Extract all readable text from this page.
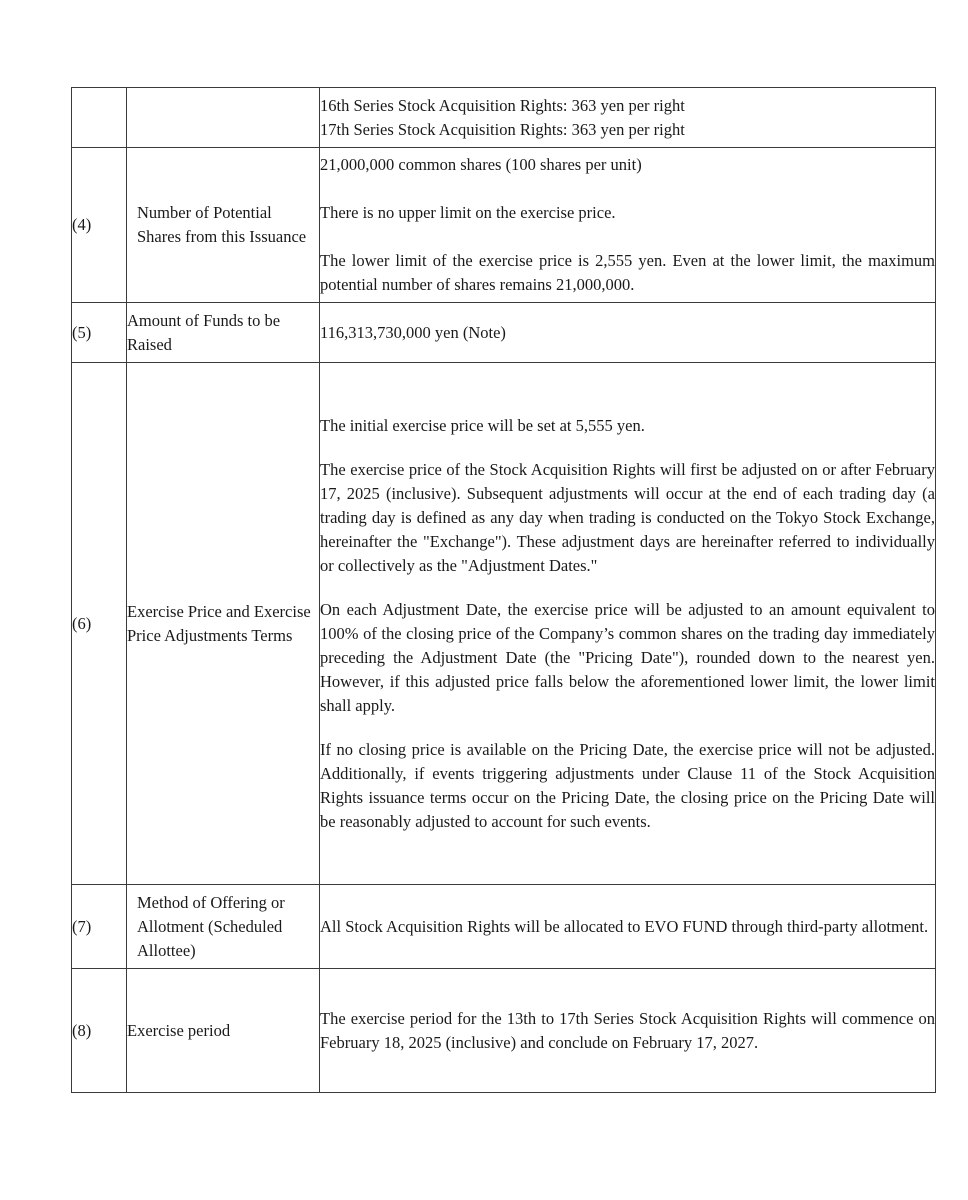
		16th Series Stock Acquisition Rights: 363 yen per right

17th Series Stock Acquisition Rights: 363 yen per right

(4)	Number of Potential Shares from this Issuance	21,000,000 common shares (100 shares per unit)

There is no upper limit on the exercise price.

The lower limit of the exercise price is 2,555 yen. Even at the lower limit, the maximum potential number of shares remains 21,000,000.

(5)	Amount of Funds to be Raised	116,313,730,000 yen (Note)

(6)	Exercise Price and Exercise Price Adjustments Terms	The initial exercise price will be set at 5,555 yen.

The exercise price of the Stock Acquisition Rights will first be adjusted on or after February 17, 2025 (inclusive). Subsequent adjustments will occur at the end of each trading day (a trading day is defined as any day when trading is conducted on the Tokyo Stock Exchange, hereinafter the "Exchange"). These adjustment days are hereinafter referred to individually or collectively as the "Adjustment Dates."

On each Adjustment Date, the exercise price will be adjusted to an amount equivalent to 100% of the closing price of the Company’s common shares on the trading day immediately preceding the Adjustment Date (the "Pricing Date"), rounded down to the nearest yen. However, if this adjusted price falls below the aforementioned lower limit, the lower limit shall apply.

If no closing price is available on the Pricing Date, the exercise price will not be adjusted. Additionally, if events triggering adjustments under Clause 11 of the Stock Acquisition Rights issuance terms occur on the Pricing Date, the closing price on the Pricing Date will be reasonably adjusted to account for such events.

(7)	Method of Offering or Allotment (Scheduled Allottee)	All Stock Acquisition Rights will be allocated to EVO FUND through third-party allotment.

(8)	Exercise period	The exercise period for the 13th to 17th Series Stock Acquisition Rights will commence on February 18, 2025 (inclusive) and conclude on February 17, 2027.
